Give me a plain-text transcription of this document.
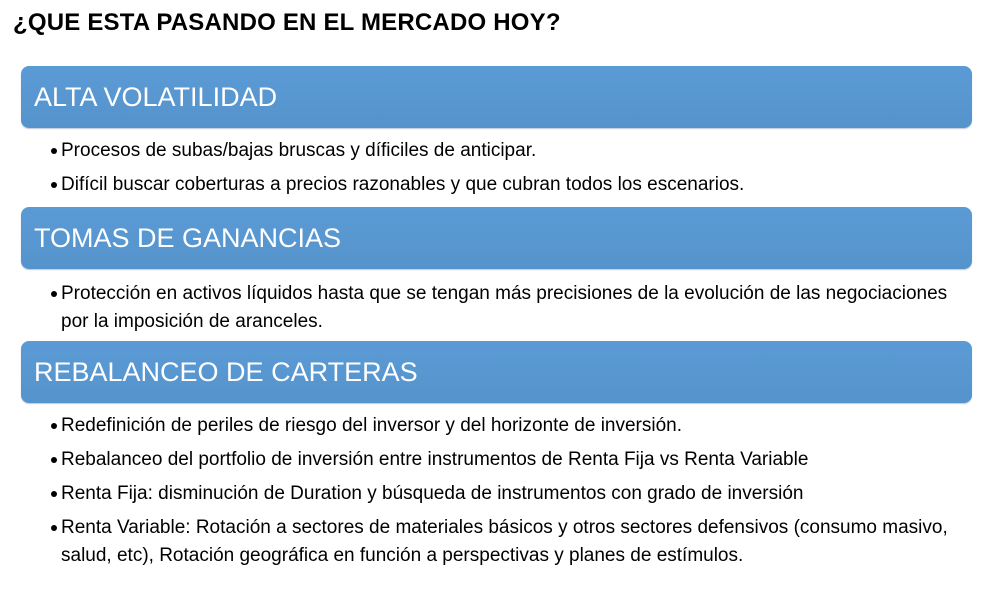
¿QUE ESTA PASANDO EN EL MERCADO HOY?
ALTA VOLATILIDAD
Procesos de subas/bajas bruscas y díficiles de anticipar.
Difícil buscar coberturas a precios razonables y que cubran todos los escenarios.
TOMAS DE GANANCIAS
Protección en activos líquidos hasta que se tengan más precisiones de la evolución de las negociaciones por la imposición de aranceles.
REBALANCEO DE CARTERAS
Redefinición de periles de riesgo del inversor y del horizonte de inversión.
Rebalanceo del portfolio de inversión entre instrumentos de Renta Fija vs Renta Variable
Renta Fija: disminución de Duration y búsqueda de instrumentos con grado de inversión
Renta Variable: Rotación a sectores de materiales básicos y otros sectores defensivos (consumo masivo, salud, etc), Rotación geográfica en función a perspectivas y planes de estímulos.
